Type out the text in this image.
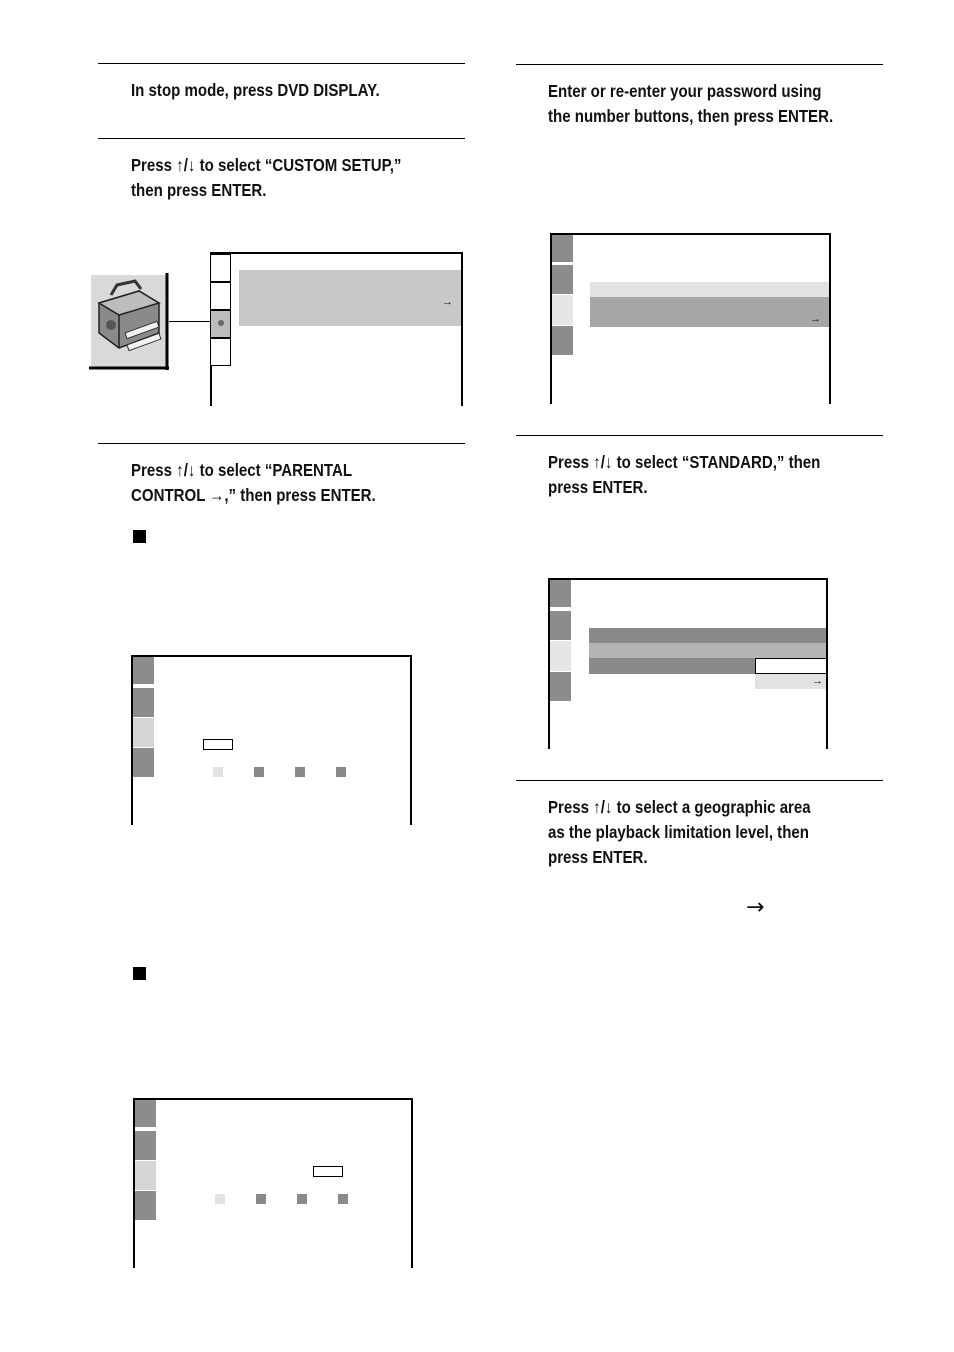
In stop mode, press DVD DISPLAY.
Press ↑/↓ to select “CUSTOM SETUP,”
then press ENTER.
→
Press ↑/↓ to select “PARENTAL
CONTROL →,” then press ENTER.
Enter or re-enter your password using
the number buttons, then press ENTER.
→
Press ↑/↓ to select “STANDARD,” then
press ENTER.
→
Press ↑/↓ to select a geographic area
as the playback limitation level, then
press ENTER.
→
